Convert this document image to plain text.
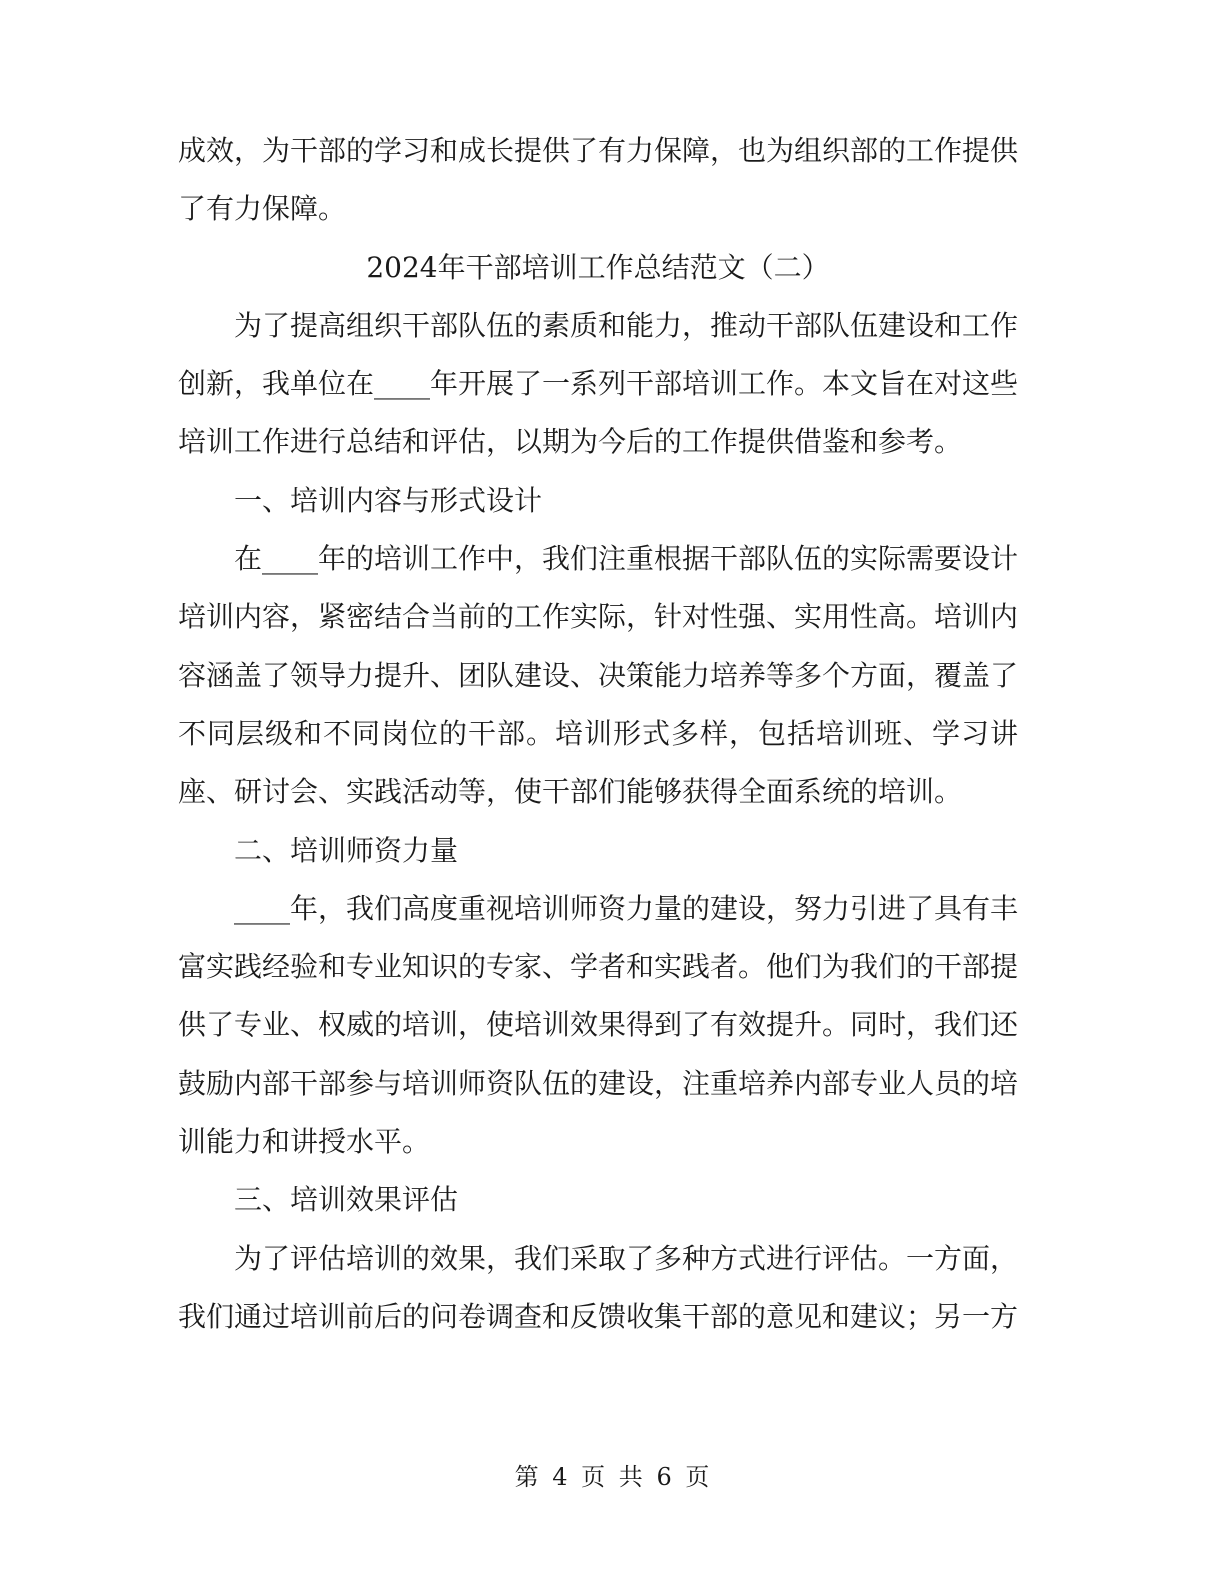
成效，为干部的学习和成长提供了有力保障，也为组织部的工作提供了有力保障。

2024年干部培训工作总结范文（二）

为了提高组织干部队伍的素质和能力，推动干部队伍建设和工作创新，我单位在____年开展了一系列干部培训工作。本文旨在对这些培训工作进行总结和评估，以期为今后的工作提供借鉴和参考。

一、培训内容与形式设计

在____年的培训工作中，我们注重根据干部队伍的实际需要设计培训内容，紧密结合当前的工作实际，针对性强、实用性高。培训内容涵盖了领导力提升、团队建设、决策能力培养等多个方面，覆盖了不同层级和不同岗位的干部。培训形式多样，包括培训班、学习讲座、研讨会、实践活动等，使干部们能够获得全面系统的培训。

二、培训师资力量

____年，我们高度重视培训师资力量的建设，努力引进了具有丰富实践经验和专业知识的专家、学者和实践者。他们为我们的干部提供了专业、权威的培训，使培训效果得到了有效提升。同时，我们还鼓励内部干部参与培训师资队伍的建设，注重培养内部专业人员的培训能力和讲授水平。

三、培训效果评估

为了评估培训的效果，我们采取了多种方式进行评估。一方面，我们通过培训前后的问卷调查和反馈收集干部的意见和建议；另一方

第 4 页 共 6 页
